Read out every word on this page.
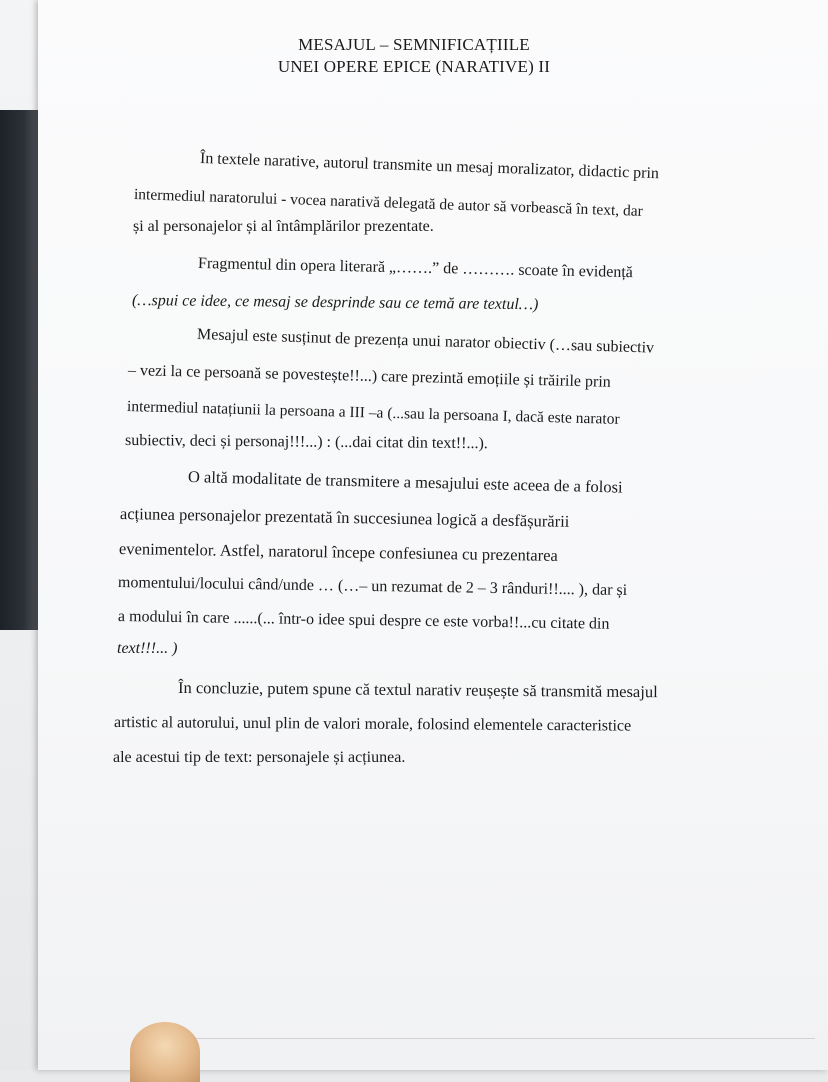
MESAJUL – SEMNIFICAȚIILE
UNEI OPERE EPICE (NARATIVE) II
În textele narative, autorul transmite un mesaj moralizator, didactic prin
intermediul naratorului - vocea narativă delegată de autor să vorbească în text, dar
și al personajelor și al întâmplărilor prezentate.
Fragmentul din opera literară „…….” de ………. scoate în evidență
(…spui ce idee, ce mesaj se desprinde sau ce temă are textul…)
Mesajul este susținut de prezența unui narator obiectiv (…sau subiectiv
– vezi la ce persoană se povestește!!...) care prezintă emoțiile și trăirile prin
intermediul natațiunii la persoana a III –a (...sau la persoana I, dacă este narator
subiectiv, deci și personaj!!!...) : (...dai citat din text!!...).
O altă modalitate de transmitere a mesajului este aceea de a folosi
acțiunea personajelor prezentată în succesiunea logică a desfășurării
evenimentelor. Astfel, naratorul începe confesiunea cu prezentarea
momentului/locului când/unde … (…– un rezumat de 2 – 3 rânduri!!.... ), dar și
a modului în care ......(... într-o idee spui despre ce este vorba!!...cu citate din
text!!!... )
În concluzie, putem spune că textul narativ reușește să transmită mesajul
artistic al autorului, unul plin de valori morale, folosind elementele caracteristice
ale acestui tip de text: personajele și acțiunea.
